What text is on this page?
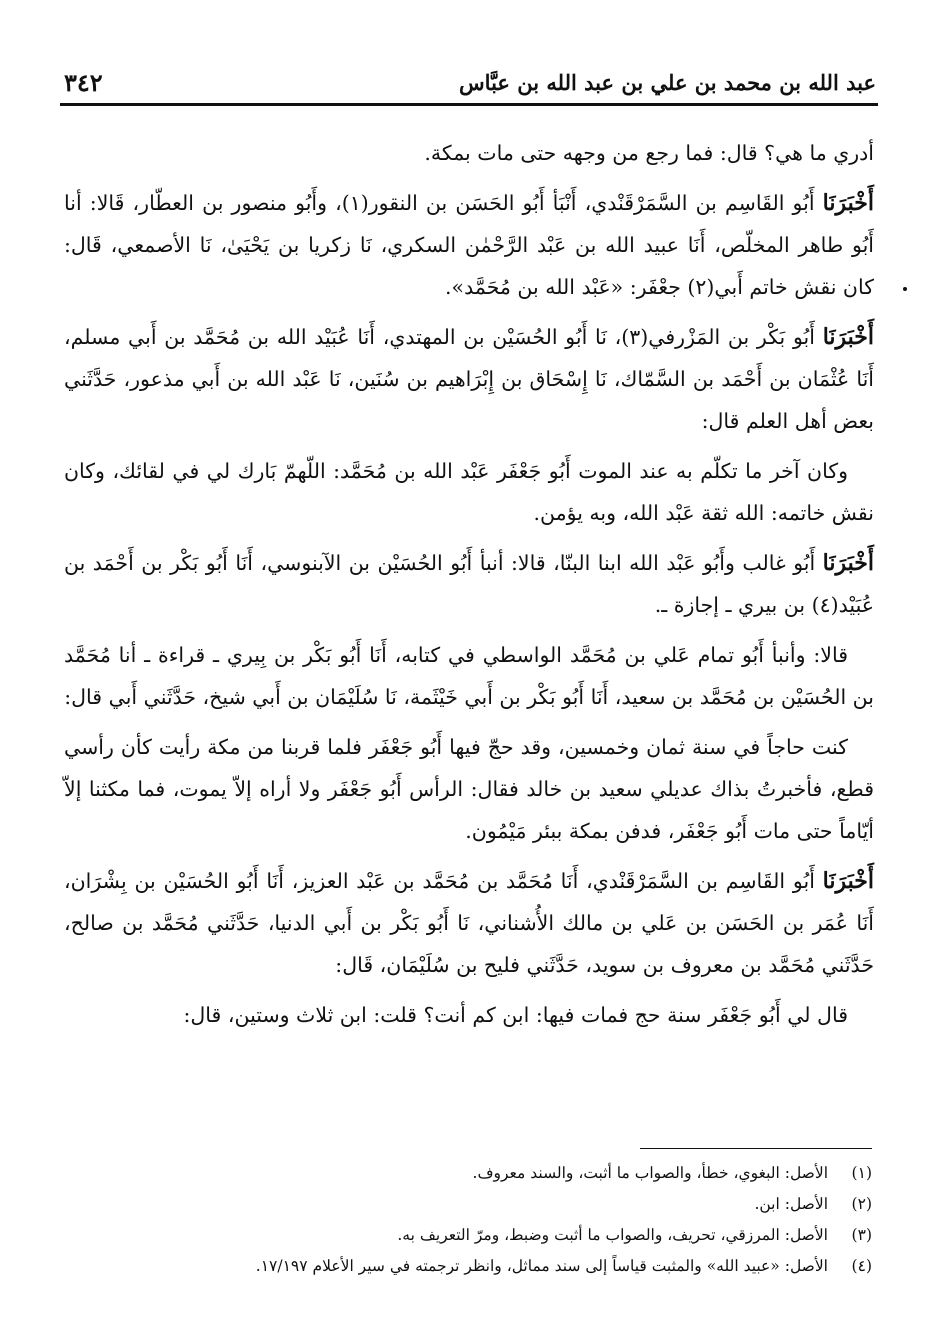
٣٤٢	عبد الله بن محمد بن علي بن عبد الله بن عبَّاس

أدري ما هي؟ قال: فما رجع من وجهه حتى مات بمكة.

أَخْبَرَنَا أَبُو القَاسِم بن السَّمَرْقَنْدي، أَنْبَأ أَبُو الحَسَن بن النقور(١)، وأَبُو منصور بن العطّار، قَالا: أنا أَبُو طاهر المخلّص، أَنَا عبيد الله بن عَبْد الرَّحْمٰن السكري، نَا زكريا بن يَحْيَىٰ، نَا الأصمعي، قَال: كان نقش خاتم أَبي(٢) جعْفَر: «عَبْد الله بن مُحَمَّد».

أَخْبَرَنَا أَبُو بَكْر بن المَزْرفي(٣)، نَا أَبُو الحُسَيْن بن المهتدي، أَنَا عُبَيْد الله بن مُحَمَّد بن أَبي مسلم، أَنَا عُثْمَان بن أَحْمَد بن السَّمّاك، نَا إِسْحَاق بن إِبْرَاهيم بن سُنَين، نَا عَبْد الله بن أَبي مذعور، حَدَّثَني بعض أهل العلم قال:

وكان آخر ما تكلّم به عند الموت أَبُو جَعْفَر عَبْد الله بن مُحَمَّد: اللّهمّ بَارك لي في لقائك، وكان نقش خاتمه: الله ثقة عَبْد الله، وبه يؤمن.

أَخْبَرَنَا أَبُو غالب وأَبُو عَبْد الله ابنا البنّا، قالا: أنبأ أَبُو الحُسَيْن بن الآبنوسي، أَنَا أَبُو بَكْر بن أَحْمَد بن عُبَيْد(٤) بن بيري ـ إجازة ـ.

قالا: وأنبأ أَبُو تمام عَلي بن مُحَمَّد الواسطي في كتابه، أَنَا أَبُو بَكْر بن بِيري ـ قراءة ـ أنا مُحَمَّد بن الحُسَيْن بن مُحَمَّد بن سعيد، أَنَا أَبُو بَكْر بن أَبي خَيْثَمة، نَا سُلَيْمَان بن أَبي شيخ، حَدَّثَني أَبي قال:

كنت حاجاً في سنة ثمان وخمسين، وقد حجّ فيها أَبُو جَعْفَر فلما قربنا من مكة رأيت كأن رأسي قطع، فأخبرتُ بذاك عديلي سعيد بن خالد فقال: الرأس أَبُو جَعْفَر ولا أراه إلاّ يموت، فما مكثنا إلاّ أيّاماً حتى مات أَبُو جَعْفَر، فدفن بمكة ببئر مَيْمُون.

أَخْبَرَنَا أَبُو القَاسِم بن السَّمَرْقَنْدي، أَنَا مُحَمَّد بن مُحَمَّد بن عَبْد العزيز، أَنَا أَبُو الحُسَيْن بن بِشْرَان، أَنَا عُمَر بن الحَسَن بن عَلي بن مالك الأُشناني، نَا أَبُو بَكْر بن أَبي الدنيا، حَدَّثَني مُحَمَّد بن صالح، حَدَّثَني مُحَمَّد بن معروف بن سويد، حَدَّثَني فليح بن سُلَيْمَان، قَال:

قال لي أَبُو جَعْفَر سنة حج فمات فيها: ابن كم أنت؟ قلت: ابن ثلاث وستين، قال:

(١)
الأصل: البغوي، خطأ، والصواب ما أثبت، والسند معروف.
(٢)
الأصل: ابن.
(٣)
الأصل: المرزقي، تحريف، والصواب ما أثبت وضبط، ومرّ التعريف به.
(٤)
الأصل: «عبيد الله» والمثبت قياساً إلى سند مماثل، وانظر ترجمته في سير الأعلام ١٧/١٩٧.
